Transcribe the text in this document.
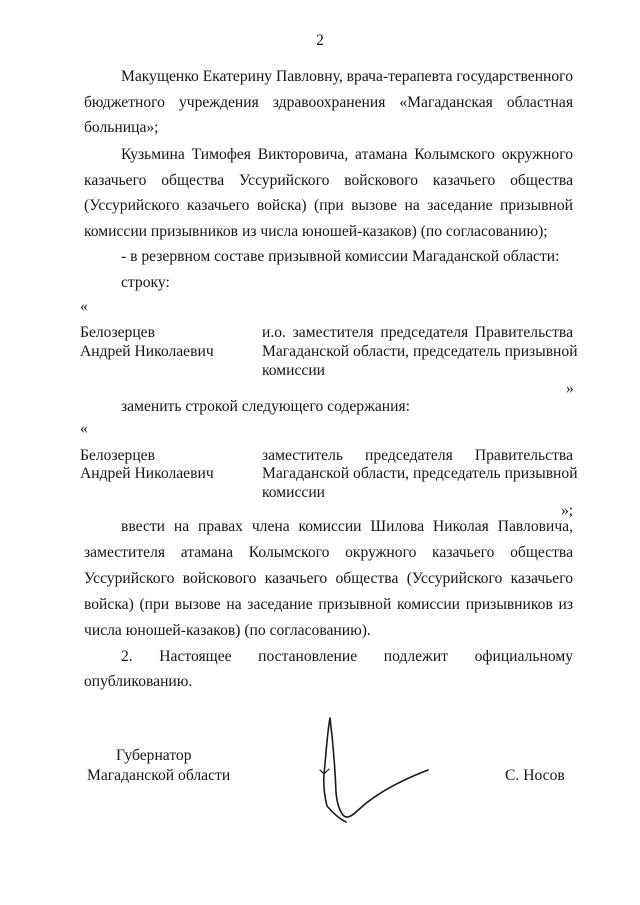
2
Макущенко Екатерину Павловну, врача-терапевта государственного
бюджетного учреждения здравоохранения «Магаданская областная
больница»;
Кузьмина Тимофея Викторовича, атамана Колымского окружного
казачьего общества Уссурийского войскового казачьего общества
(Уссурийского казачьего войска) (при вызове на заседание призывной
комиссии призывников из числа юношей-казаков) (по согласованию);
- в резервном составе призывной комиссии Магаданской области:
строку:
«
Белозерцев
Андрей Николаевич
и.о. заместителя председателя Правительства
Магаданской области, председатель призывной
комиссии
»
заменить строкой следующего содержания:
«
Белозерцев
Андрей Николаевич
заместитель председателя Правительства
Магаданской области, председатель призывной
комиссии
»;
ввести на правах члена комиссии Шилова Николая Павловича,
заместителя атамана Колымского окружного казачьего общества
Уссурийского войскового казачьего общества (Уссурийского казачьего
войска) (при вызове на заседание призывной комиссии призывников из
числа юношей-казаков) (по согласованию).
2. Настоящее постановление подлежит официальному
опубликованию.
Губернатор
Магаданской области	С. Носов
